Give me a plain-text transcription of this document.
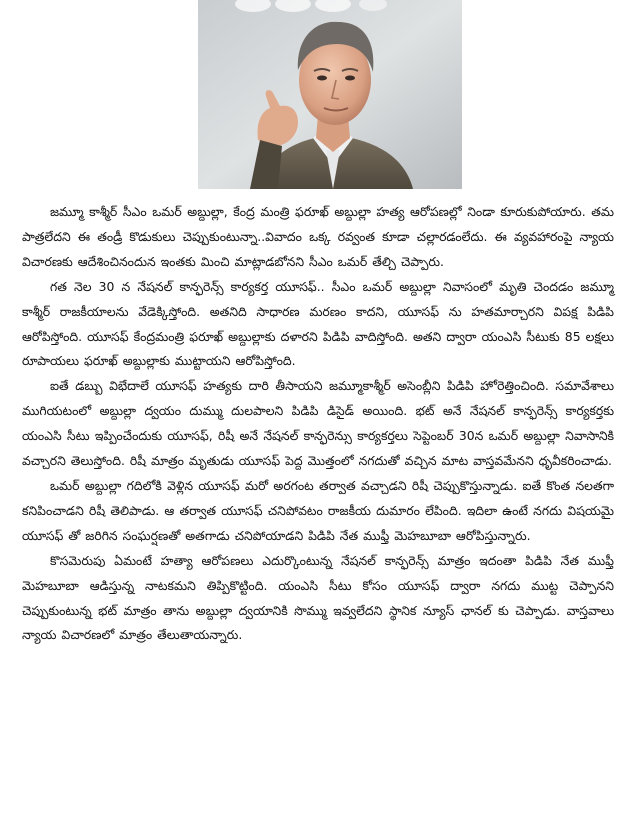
జమ్మూ కాశ్మీర్ సీఎం ఒమర్ అబ్దుల్లా, కేంద్ర మంత్రి ఫరూఖ్ అబ్దుల్లా హత్య ఆరోపణల్లో నిండా కూరుకుపోయారు. తమ పాత్రలేదని ఈ తండ్రీ కొడుకులు చెప్పుకుంటున్నా..వివాదం ఒక్క రవ్వంత కూడా చల్లారడంలేదు. ఈ వ్యవహారంపై న్యాయ విచారణకు ఆదేశించినందున ఇంతకు మించి మాట్లాడబోనని సీఎం ఒమర్ తేల్చి చెప్పారు.

గత నెల 30 న నేషనల్ కాన్ఫరెన్స్ కార్యకర్త యూసఫ్.. సీఎం ఒమర్ అబ్దుల్లా నివాసంలో మృతి చెందడం జమ్మూ కాశ్మీర్ రాజకీయాలను వేడెక్కిస్తోంది. అతనిది సాధారణ మరణం కాదని, యూసఫ్ ను హతమార్చారని విపక్ష పిడిపి ఆరోపిస్తోంది. యూసఫ్ కేంద్రమంత్రి ఫరూఖ్ అబ్దుల్లాకు దళారని పిడిపి వాదిస్తోంది. అతని ద్వారా యంఎసి సీటుకు 85 లక్షలు రూపాయలు ఫరూఖ్ అబ్దుల్లాకు ముట్టాయని ఆరోపిస్తోంది.

ఐతే డబ్బు విభేదాలే యూసఫ్ హత్యకు దారి తీసాయని జమ్మూకాశ్మీర్ అసెంబ్లీని పిడిపి హోరెత్తించింది. సమావేశాలు ముగియటంలో అబ్దుల్లా ద్వయం దుమ్ము దులపాలని పిడిపి డిసైడ్ అయింది. భట్ అనే నేషనల్ కాన్ఫరెన్స్ కార్యకర్తకు యంఎసి సీటు ఇప్పించేందుకు యూసఫ్, రిషీ అనే నేషనల్ కాన్ఫరెన్సు కార్యకర్తలు సెప్టెంబర్ 30న ఒమర్ అబ్దుల్లా నివాసానికి వచ్చారని తెలుస్తోంది. రిషీ మాత్రం మృతుడు యూసఫ్ పెద్ద మొత్తంలో నగదుతో వచ్చిన మాట వాస్తవమేనని ధృవీకరించాడు.

ఒమర్ అబ్దుల్లా గదిలోకి వెళ్లిన యూసఫ్ మరో అరగంట తర్వాత వచ్చాడని రిషీ చెప్పుకొస్తున్నాడు. ఐతే కొంత నలతగా కనిపించాడని రిషీ తెలిపాడు. ఆ తర్వాత యూసఫ్ చనిపోవటం రాజకీయ దుమారం లేపింది. ఇదిలా ఉంటే నగదు విషయమై యూసఫ్ తో జరిగిన సంఘర్షణతో అతగాడు చనిపోయాడని పిడిపి నేత ముఫ్తీ మెహబూబా ఆరోపిస్తున్నారు.

కొసమెరుపు ఏమంటే హత్యా ఆరోపణలు ఎదుర్కొంటున్న నేషనల్ కాన్ఫరెన్స్ మాత్రం ఇదంతా పిడిపి నేత ముఫ్తీ మెహబూబా ఆడిస్తున్న నాటకమని తిప్పికొట్టింది. యంఎసి సీటు కోసం యూసఫ్ ద్వారా నగదు ముట్ట చెప్పానని చెప్పుకుంటున్న భట్ మాత్రం తాను అబ్దుల్లా ద్వయానికి సొమ్ము ఇవ్వలేదని స్థానిక న్యూస్ ఛానల్ కు చెప్పాడు. వాస్తవాలు న్యాయ విచారణలో మాత్రం తేలుతాయన్నారు.
